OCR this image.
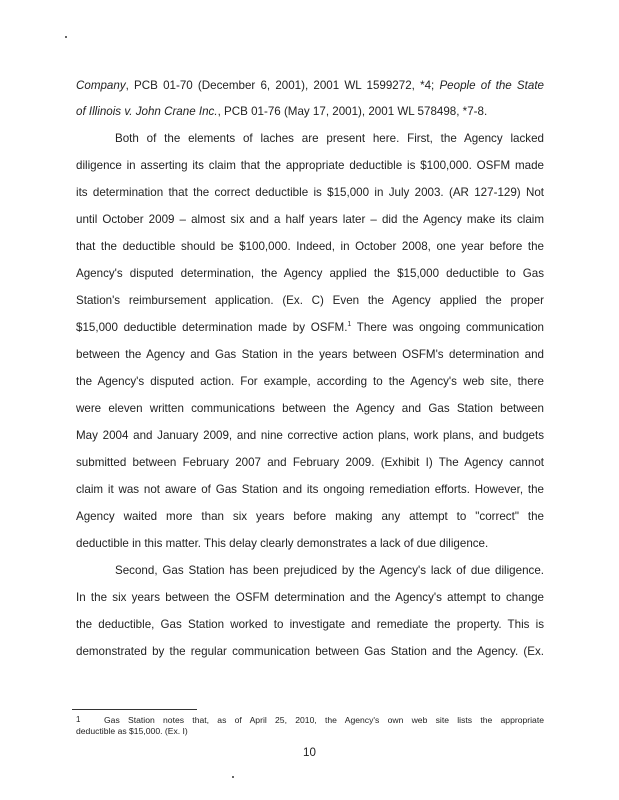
Company, PCB 01-70 (December 6, 2001), 2001 WL 1599272, *4; People of the State
of Illinois v. John Crane Inc., PCB 01-76 (May 17, 2001), 2001 WL 578498, *7-8.
Both of the elements of laches are present here. First, the Agency lacked
diligence in asserting its claim that the appropriate deductible is $100,000. OSFM made
its determination that the correct deductible is $15,000 in July 2003. (AR 127-129) Not
until October 2009 – almost six and a half years later – did the Agency make its claim
that the deductible should be $100,000. Indeed, in October 2008, one year before the
Agency's disputed determination, the Agency applied the $15,000 deductible to Gas
Station's reimbursement application. (Ex. C) Even the Agency applied the proper
$15,000 deductible determination made by OSFM.$^1$ There was ongoing communication
between the Agency and Gas Station in the years between OSFM's determination and
the Agency's disputed action. For example, according to the Agency's web site, there
were eleven written communications between the Agency and Gas Station between
May 2004 and January 2009, and nine corrective action plans, work plans, and budgets
submitted between February 2007 and February 2009. (Exhibit I) The Agency cannot
claim it was not aware of Gas Station and its ongoing remediation efforts. However, the
Agency waited more than six years before making any attempt to "correct" the
deductible in this matter. This delay clearly demonstrates a lack of due diligence.
Second, Gas Station has been prejudiced by the Agency's lack of due diligence.
In the six years between the OSFM determination and the Agency's attempt to change
the deductible, Gas Station worked to investigate and remediate the property. This is
demonstrated by the regular communication between Gas Station and the Agency. (Ex.
1	Gas Station notes that, as of April 25, 2010, the Agency's own web site lists the appropriate
deductible as $15,000. (Ex. I)
10
